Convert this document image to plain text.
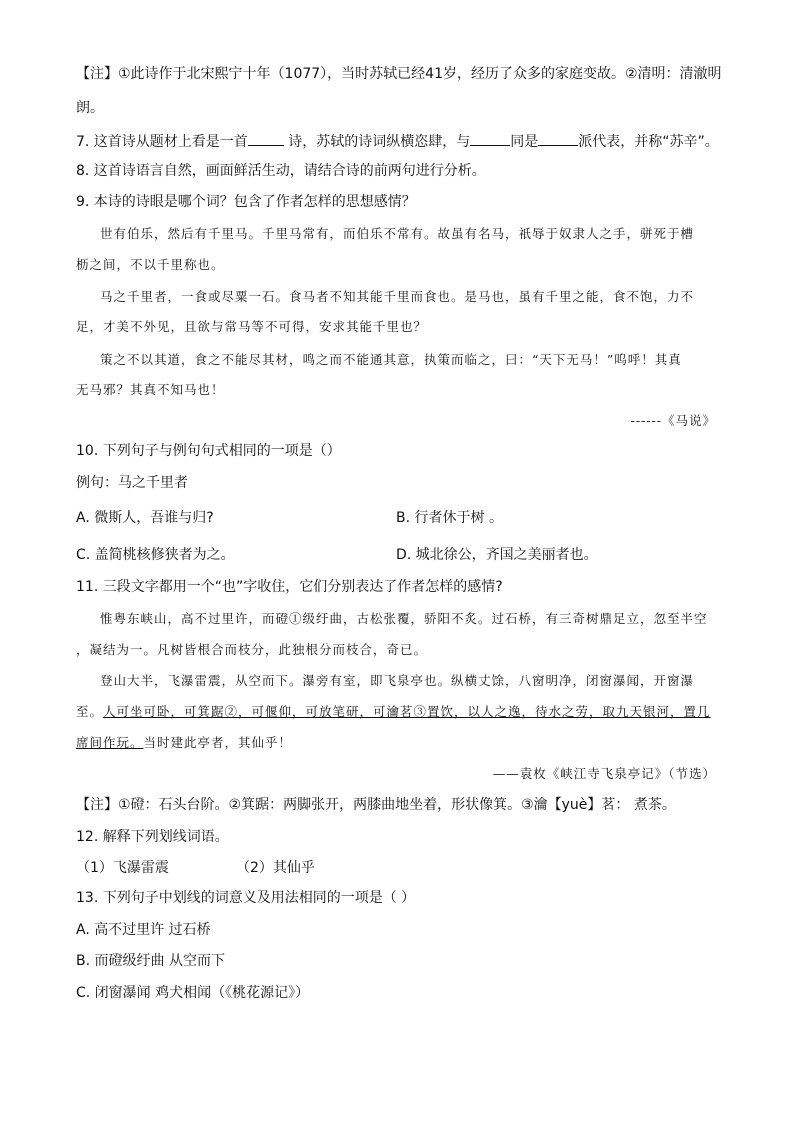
【注】①此诗作于北宋熙宁十年（1077），当时苏轼已经41岁，经历了众多的家庭变故。②清明：清澈明
朗。
7. 这首诗从题材上看是一首	诗，苏轼的诗词纵横恣肆，与	同是	派代表，并称“苏辛”。
8. 这首诗语言自然，画面鲜活生动，请结合诗的前两句进行分析。
9. 本诗的诗眼是哪个词？包含了作者怎样的思想感情？
世有伯乐，然后有千里马。千里马常有，而伯乐不常有。故虽有名马，祇辱于奴隶人之手，骈死于槽
枥之间，不以千里称也。
马之千里者，一食或尽粟一石。食马者不知其能千里而食也。是马也，虽有千里之能，食不饱，力不
足，才美不外见，且欲与常马等不可得，安求其能千里也？
策之不以其道，食之不能尽其材，鸣之而不能通其意，执策而临之，曰：“天下无马！”呜呼！其真
无马邪？其真不知马也！
------《马说》
10. 下列句子与例句句式相同的一项是（）
例句：马之千里者
A. 微斯人，吾谁与归?	B. 行者休于树 。
C. 盖简桃核修狭者为之。	D. 城北徐公，齐国之美丽者也。
11. 三段文字都用一个“也”字收住，它们分别表达了作者怎样的感情?
惟粤东峡山，高不过里许，而磴①级纡曲，古松张覆，骄阳不炙。过石桥，有三奇树鼎足立，忽至半空
，凝结为一。凡树皆根合而枝分，此独根分而枝合，奇已。
登山大半，飞瀑雷震，从空而下。瀑旁有室，即飞泉亭也。纵横丈馀，八窗明净，闭窗瀑闻，开窗瀑
至。人可坐可卧，可箕踞②，可偃仰，可放笔研，可瀹茗③置饮，以人之逸，待水之劳，取九天银河，置几
席间作玩。当时建此亭者，其仙乎！
——袁枚《峡江寺飞泉亭记》（节选）
【注】①磴：石头台阶。②箕踞：两脚张开，两膝曲地坐着，形状像箕。③瀹【yuè】茗： 煮茶。
12. 解释下列划线词语。
（1）飞瀑雷震	（2）其仙乎
13. 下列句子中划线的词意义及用法相同的一项是（ ）
A. 高不过里许 过石桥
B. 而磴级纡曲 从空而下
C. 闭窗瀑闻 鸡犬相闻（《桃花源记》）
